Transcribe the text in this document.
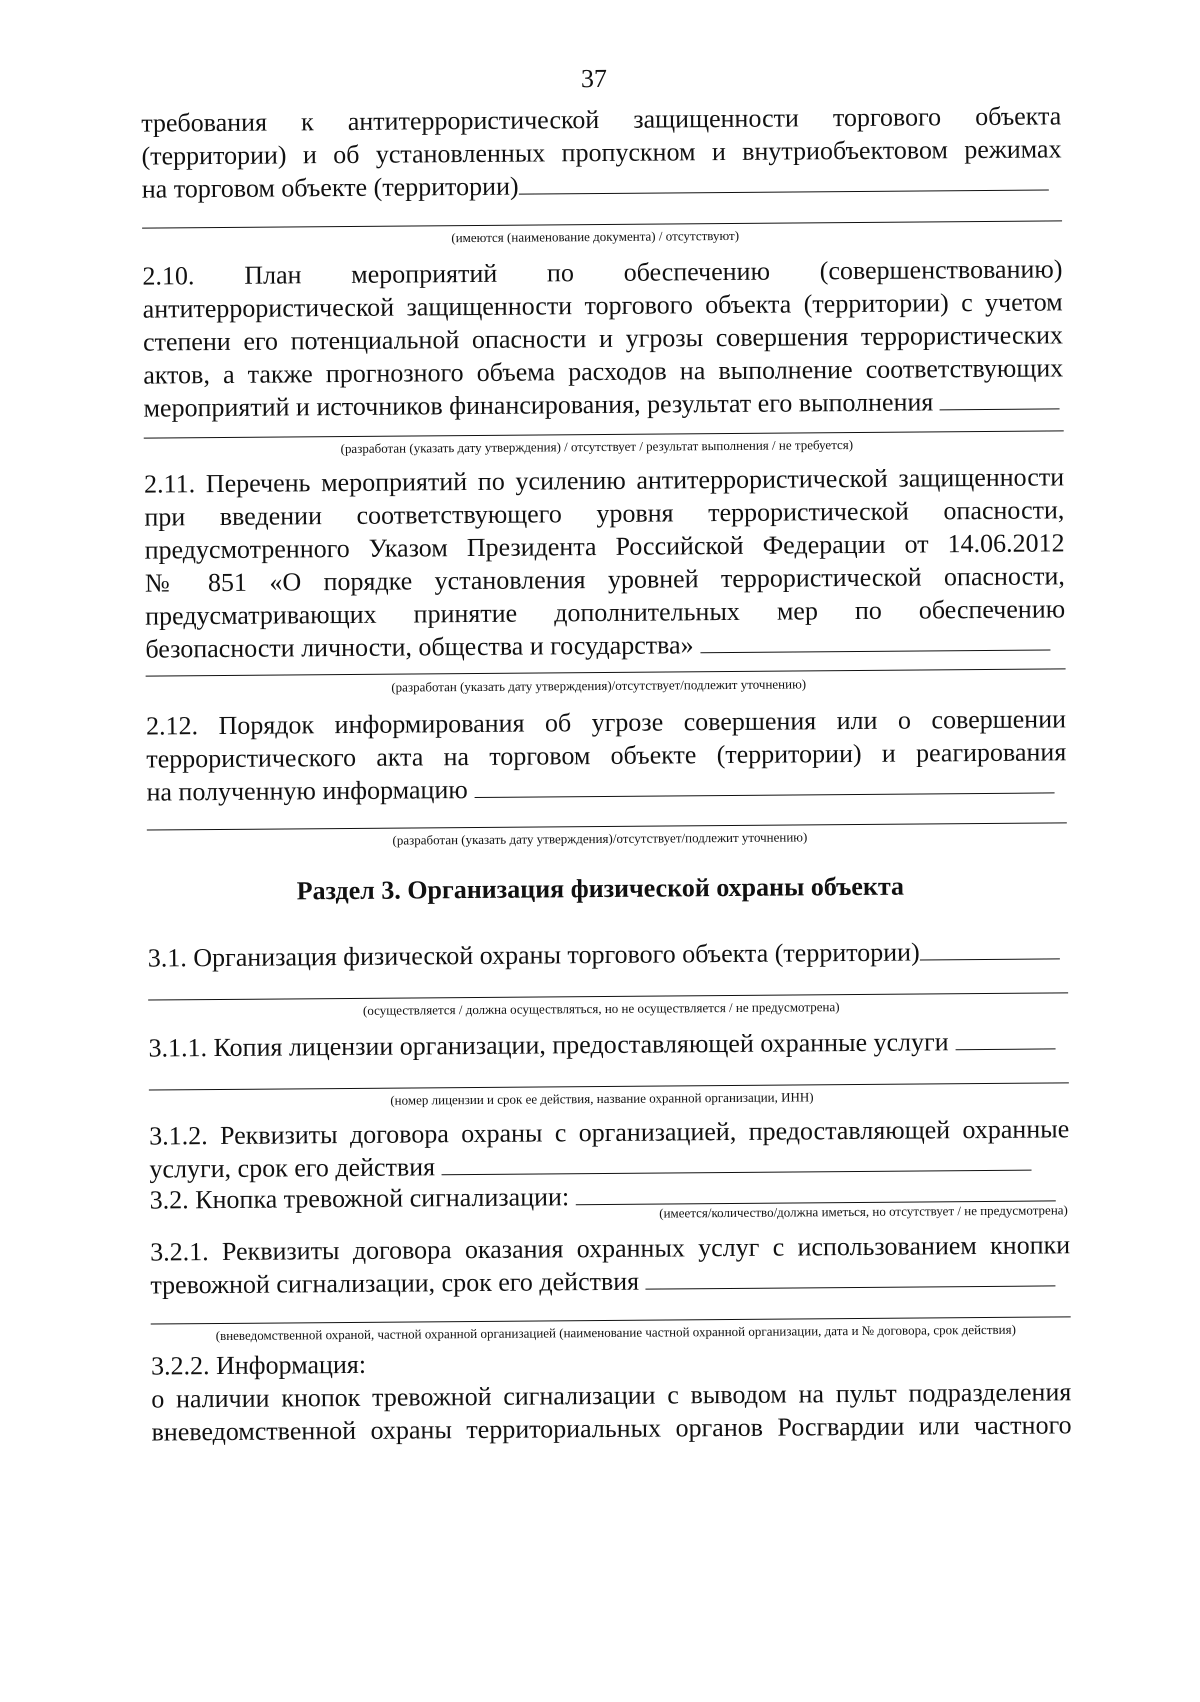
37
требования к антитеррористической защищенности торгового объекта
(территории) и об установленных пропускном и внутриобъектовом режимах
на торговом объекте (территории)
(имеются (наименование документа) / отсутствуют)
2.10. План мероприятий по обеспечению (совершенствованию)
антитеррористической защищенности торгового объекта (территории) с учетом
степени его потенциальной опасности и угрозы совершения террористических
актов, а также прогнозного объема расходов на выполнение соответствующих
мероприятий и источников финансирования, результат его выполнения
(разработан (указать дату утверждения) / отсутствует / результат выполнения / не требуется)
2.11. Перечень мероприятий по усилению антитеррористической защищенности
при введении соответствующего уровня террористической опасности,
предусмотренного Указом Президента Российской Федерации от 14.06.2012
№ 851 «О порядке установления уровней террористической опасности,
предусматривающих принятие дополнительных мер по обеспечению
безопасности личности, общества и государства»
(разработан (указать дату утверждения)/отсутствует/подлежит уточнению)
2.12. Порядок информирования об угрозе совершения или о совершении
террористического акта на торговом объекте (территории) и реагирования
на полученную информацию
(разработан (указать дату утверждения)/отсутствует/подлежит уточнению)
Раздел 3. Организация физической охраны объекта
3.1. Организация физической охраны торгового объекта (территории)
(осуществляется / должна осуществляться, но не осуществляется / не предусмотрена)
3.1.1. Копия лицензии организации, предоставляющей охранные услуги
(номер лицензии и срок ее действия, название охранной организации, ИНН)
3.1.2. Реквизиты договора охраны с организацией, предоставляющей охранные
услуги, срок его действия
3.2. Кнопка тревожной сигнализации:	(имеется/количество/должна иметься, но отсутствует / не предусмотрена)
3.2.1. Реквизиты договора оказания охранных услуг с использованием кнопки
тревожной сигнализации, срок его действия
(вневедомственной охраной, частной охранной организацией (наименование частной охранной организации, дата и № договора, срок действия)
3.2.2. Информация:
о наличии кнопок тревожной сигнализации с выводом на пульт подразделения
вневедомственной охраны территориальных органов Росгвардии или частного
